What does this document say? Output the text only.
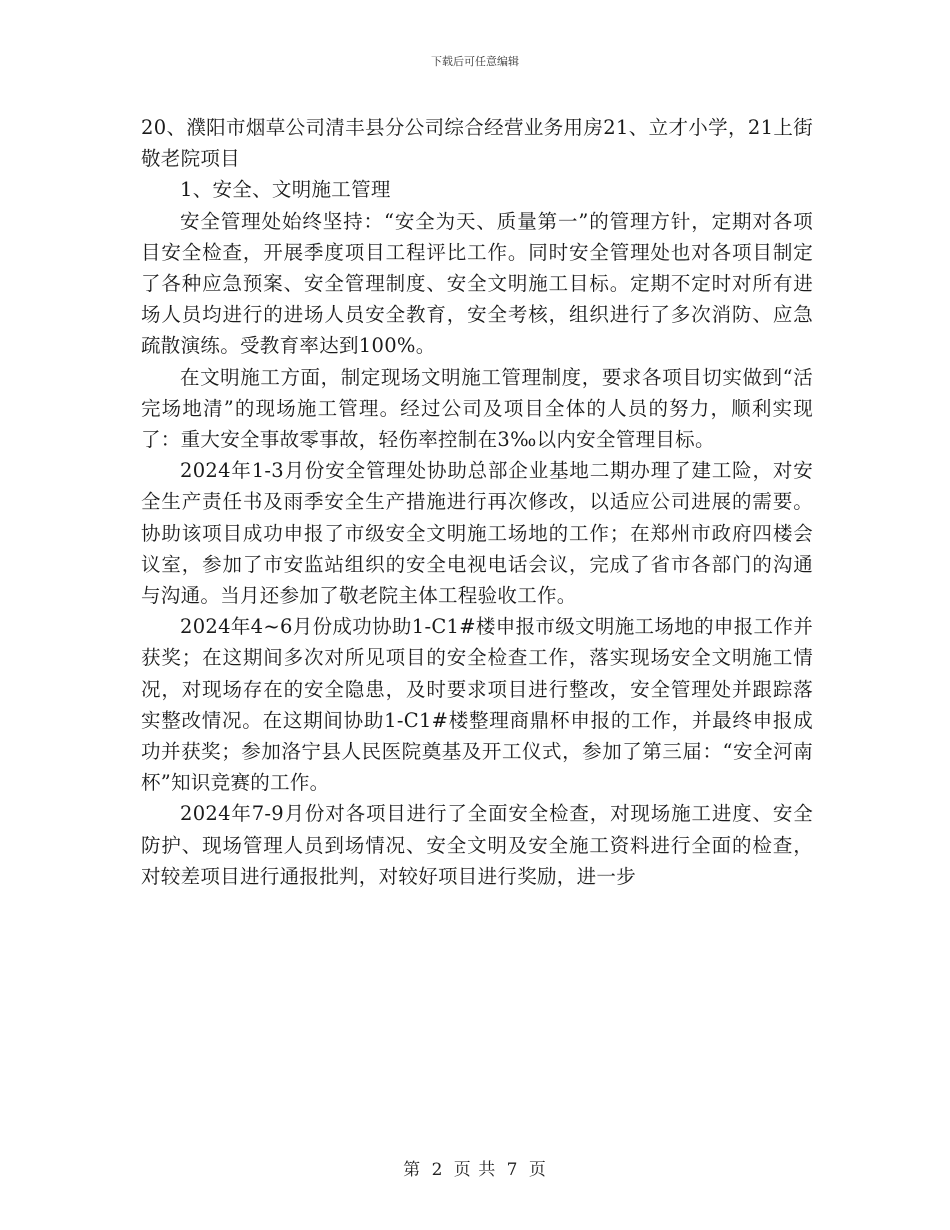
下载后可任意编辑

20、濮阳市烟草公司清丰县分公司综合经营业务用房21、立才小学，21上街敬老院项目

1、安全、文明施工管理

安全管理处始终坚持：“安全为天、质量第一”的管理方针，定期对各项目安全检查，开展季度项目工程评比工作。同时安全管理处也对各项目制定了各种应急预案、安全管理制度、安全文明施工目标。定期不定时对所有进场人员均进行的进场人员安全教育，安全考核，组织进行了多次消防、应急疏散演练。受教育率达到100%。

在文明施工方面，制定现场文明施工管理制度，要求各项目切实做到“活完场地清”的现场施工管理。经过公司及项目全体的人员的努力，顺利实现了：重大安全事故零事故，轻伤率控制在3‰以内安全管理目标。

2024年1-3月份安全管理处协助总部企业基地二期办理了建工险，对安全生产责任书及雨季安全生产措施进行再次修改，以适应公司进展的需要。协助该项目成功申报了市级安全文明施工场地的工作；在郑州市政府四楼会议室，参加了市安监站组织的安全电视电话会议，完成了省市各部门的沟通与沟通。当月还参加了敬老院主体工程验收工作。

2024年4~6月份成功协助1-C1#楼申报市级文明施工场地的申报工作并获奖；在这期间多次对所见项目的安全检查工作，落实现场安全文明施工情况，对现场存在的安全隐患，及时要求项目进行整改，安全管理处并跟踪落实整改情况。在这期间协助1-C1#楼整理商鼎杯申报的工作，并最终申报成功并获奖；参加洛宁县人民医院奠基及开工仪式，参加了第三届：“安全河南杯”知识竞赛的工作。

2024年7-9月份对各项目进行了全面安全检查，对现场施工进度、安全防护、现场管理人员到场情况、安全文明及安全施工资料进行全面的检查，对较差项目进行通报批判，对较好项目进行奖励，进一步

第 2 页 共 7 页
